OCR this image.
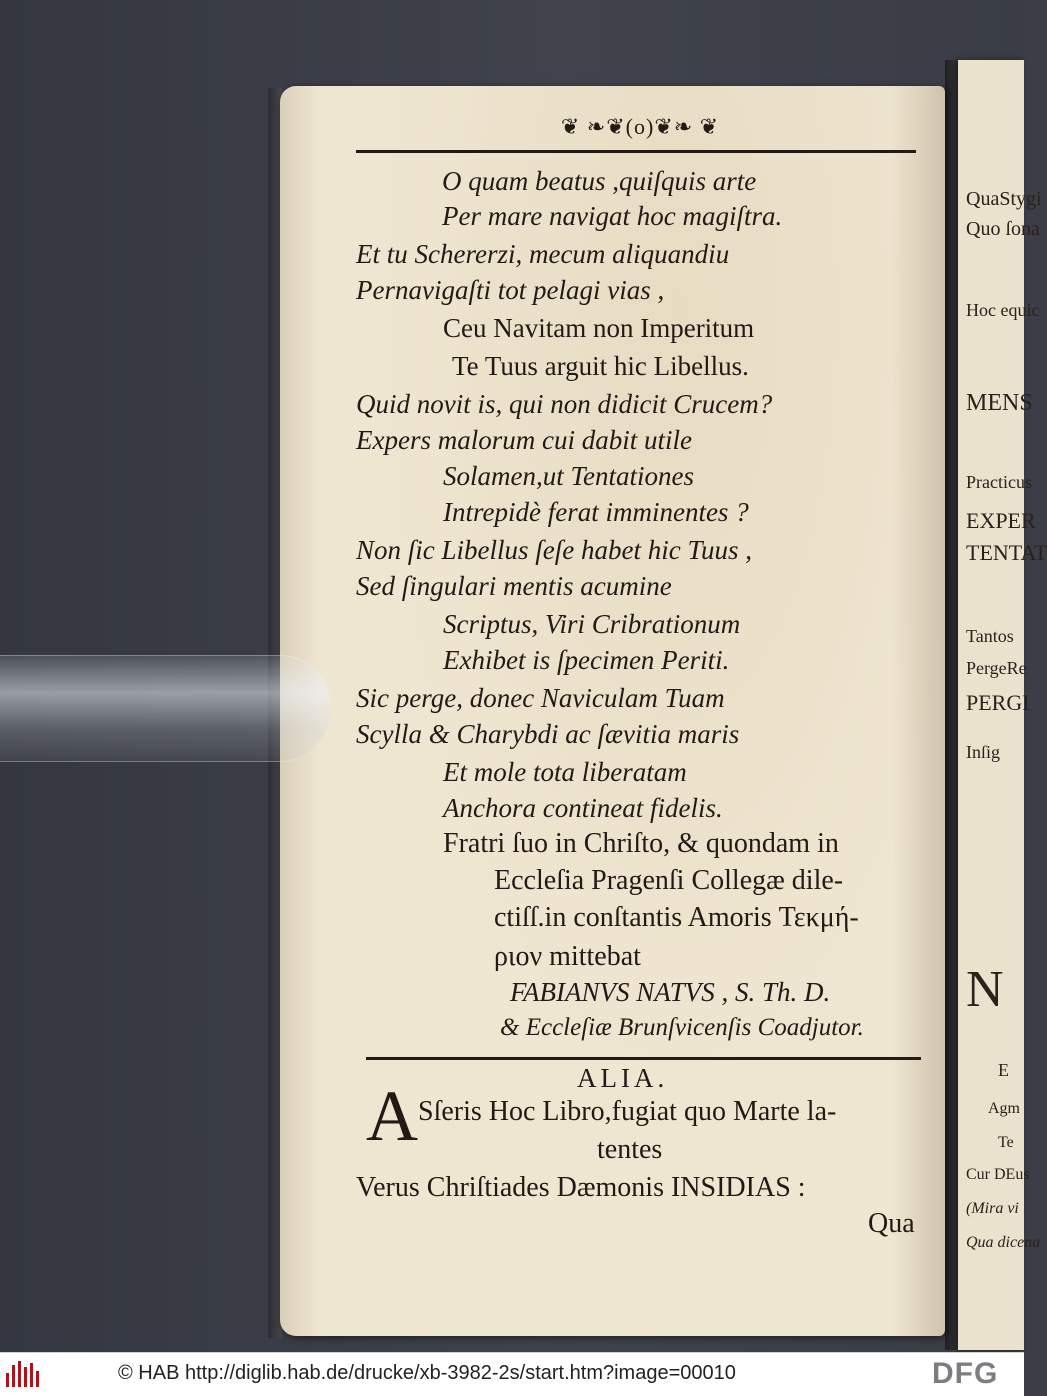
QuaStygi
Quo ſona
Hoc equic
MENS
Practicus
EXPER
TENTAT
Tantos
PergeRe
PERGI
Inſig
N
E
Agm
Te
Cur DEus
(Mira vi
Qua dicena
❦ ❧❦(o)❦❧ ❦
O quam beatus ,quiſquis arte
Per mare navigat hoc magiſtra.
Et tu Schererzi, mecum aliquandiu
Pernavigaſti tot pelagi vias ,
Ceu Navitam non Imperitum
Te Tuus arguit hic Libellus.
Quid novit is, qui non didicit Crucem?
Expers malorum cui dabit utile
Solamen,ut Tentationes
Intrepidè ferat imminentes ?
Non ſic Libellus ſeſe habet hic Tuus ,
Sed ſingulari mentis acumine
Scriptus, Viri Cribrationum
Exhibet is ſpecimen Periti.
Sic perge, donec Naviculam Tuam
Scylla & Charybdi ac ſævitia maris
Et mole tota liberatam
Anchora contineat fidelis.
Fratri ſuo in Chriſto, & quondam in
Eccleſia Pragenſi Collegæ dile-
ctiſſ.in conſtantis Amoris Τεκμή-
ριον mittebat
FABIANVS NATVS , S. Th. D.
& Eccleſiæ Brunſvicenſis Coadjutor.
ALIA.
A Sſeris Hoc Libro,fugiat quo Marte la-
tentes
Verus Chriſtiades Dæmonis INSIDIAS :
Qua
© HAB http://diglib.hab.de/drucke/xb-3982-2s/start.htm?image=00010	DFG
